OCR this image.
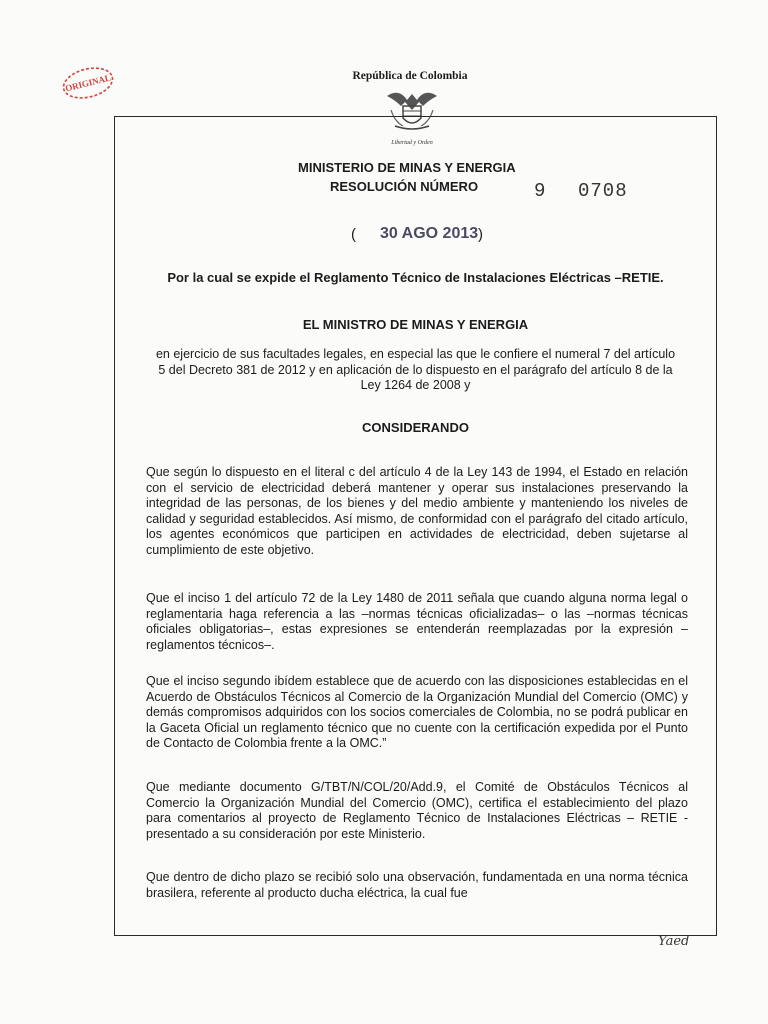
ORIGINAL	República de Colombia
Libertad y Orden
MINISTERIO DE MINAS Y ENERGIA
RESOLUCIÓN NÚMERO	9 0708
( 30 AGO 2013 )
Por la cual se expide el Reglamento Técnico de Instalaciones Eléctricas –RETIE.
EL MINISTRO DE MINAS Y ENERGIA
en ejercicio de sus facultades legales, en especial las que le confiere el numeral 7 del artículo 5 del Decreto 381 de 2012 y en aplicación de lo dispuesto en el parágrafo del artículo 8 de la Ley 1264 de 2008 y
CONSIDERANDO
Que según lo dispuesto en el literal c del artículo 4 de la Ley 143 de 1994, el Estado en relación con el servicio de electricidad deberá mantener y operar sus instalaciones preservando la integridad de las personas, de los bienes y del medio ambiente y manteniendo los niveles de calidad y seguridad establecidos. Así mismo, de conformidad con el parágrafo del citado artículo, los agentes económicos que participen en actividades de electricidad, deben sujetarse al cumplimiento de este objetivo.
Que el inciso 1 del artículo 72 de la Ley 1480 de 2011 señala que cuando alguna norma legal o reglamentaria haga referencia a las –normas técnicas oficializadas– o las –normas técnicas oficiales obligatorias–, estas expresiones se entenderán reemplazadas por la expresión –reglamentos técnicos–.
Que el inciso segundo ibídem establece que de acuerdo con las disposiciones establecidas en el Acuerdo de Obstáculos Técnicos al Comercio de la Organización Mundial del Comercio (OMC) y demás compromisos adquiridos con los socios comerciales de Colombia, no se podrá publicar en la Gaceta Oficial un reglamento técnico que no cuente con la certificación expedida por el Punto de Contacto de Colombia frente a la OMC.”
Que mediante documento G/TBT/N/COL/20/Add.9, el Comité de Obstáculos Técnicos al Comercio la Organización Mundial del Comercio (OMC), certifica el establecimiento del plazo para comentarios al proyecto de Reglamento Técnico de Instalaciones Eléctricas – RETIE - presentado a su consideración por este Ministerio.
Que dentro de dicho plazo se recibió solo una observación, fundamentada en una norma técnica brasilera, referente al producto ducha eléctrica, la cual fue
Yaed
